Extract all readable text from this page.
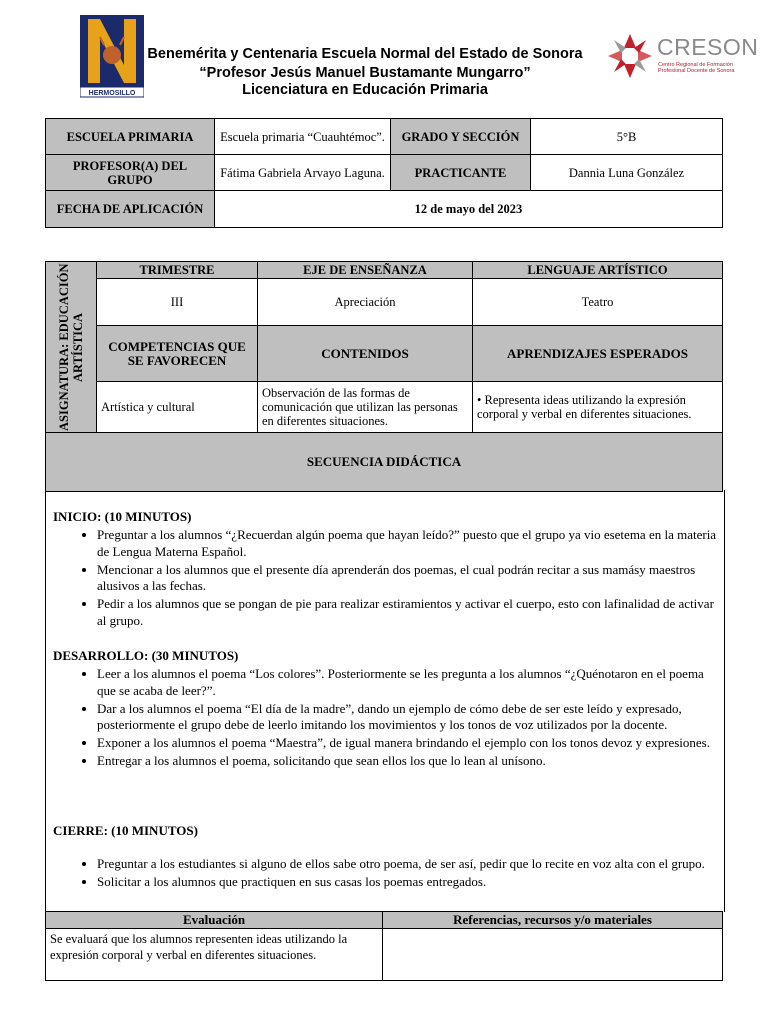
HERMOSILLO
Benemérita y Centenaria Escuela Normal del Estado de Sonora
“Profesor Jesús Manuel Bustamante Mungarro”
Licenciatura en Educación Primaria
CRESON
Centro Regional de Formación Profesional Docente de Sonora
ESCUELA PRIMARIA	Escuela primaria “Cuauhtémoc”.	GRADO Y SECCIÓN	5°B
PROFESOR(A) DEL GRUPO	Fátima Gabriela Arvayo Laguna.	PRACTICANTE	Dannia Luna González
FECHA DE APLICACIÓN	12 de mayo del 2023		
ASIGNATURA: EDUCACIÓN ARTÍSTICA	TRIMESTRE	EJE DE ENSEÑANZA	LENGUAJE ARTÍSTICO
	III	Apreciación	Teatro
	COMPETENCIAS QUE SE FAVORECEN	CONTENIDOS	APRENDIZAJES ESPERADOS
	Artística y cultural	Observación de las formas de comunicación que utilizan las personas en diferentes situaciones.	• Representa ideas utilizando la expresión corporal y verbal en diferentes situaciones.
SECUENCIA DIDÁCTICA			
INICIO: (10 MINUTOS)
• Preguntar a los alumnos “¿Recuerdan algún poema que hayan leído?” puesto que el grupo ya vio esetema en la materia de Lengua Materna Español.
• Mencionar a los alumnos que el presente día aprenderán dos poemas, el cual podrán recitar a sus mamásy maestros alusivos a las fechas.
• Pedir a los alumnos que se pongan de pie para realizar estiramientos y activar el cuerpo, esto con lafinalidad de activar al grupo.
DESARROLLO: (30 MINUTOS)
• Leer a los alumnos el poema “Los colores”. Posteriormente se les pregunta a los alumnos “¿Quénotaron en el poema que se acaba de leer?”.
• Dar a los alumnos el poema “El día de la madre”, dando un ejemplo de cómo debe de ser este leído y expresado, posteriormente el grupo debe de leerlo imitando los movimientos y los tonos de voz utilizados por la docente.
• Exponer a los alumnos el poema “Maestra”, de igual manera brindando el ejemplo con los tonos devoz y expresiones.
• Entregar a los alumnos el poema, solicitando que sean ellos los que lo lean al unísono.
CIERRE: (10 MINUTOS)
• Preguntar a los estudiantes si alguno de ellos sabe otro poema, de ser así, pedir que lo recite en voz alta con el grupo.
• Solicitar a los alumnos que practiquen en sus casas los poemas entregados.
Evaluación	Referencias, recursos y/o materiales
Se evaluará que los alumnos representen ideas utilizando la expresión corporal y verbal en diferentes situaciones.	
